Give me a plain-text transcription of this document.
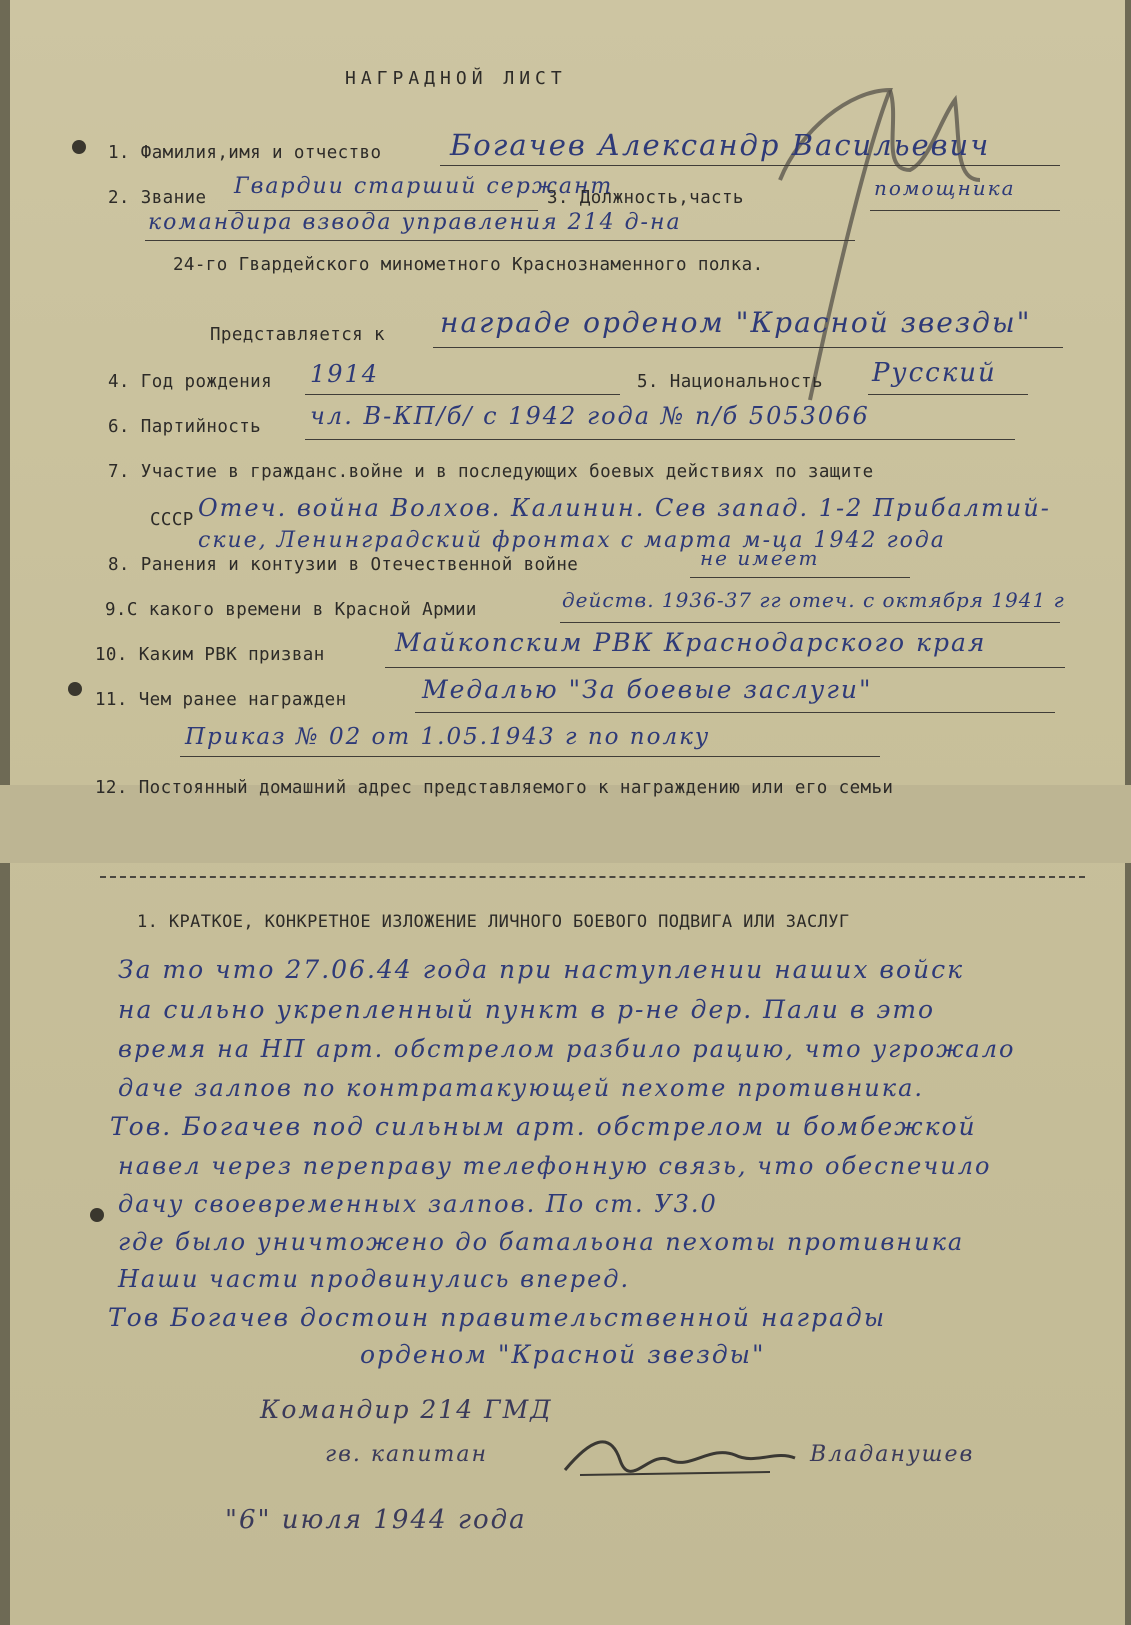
НАГРАДНОЙ ЛИСТ
1. Фамилия,имя и отчество Богачев Александр Васильевич
2. Звание Гвардии старший сержант
3. Должность,часть	помощника
командира взвода управления 214 д-на
24-го Гвардейского минометного Краснознаменного полка.
Представляется к награде орденом "Красной звезды"
4. Год рождения 1914	5. Национальность Русский
6. Партийность чл. В-КП/б/ с 1942 года № п/б 5053066
7. Участие в гражданс.войне и в последующих боевых действиях по защите
СССР Отеч. война Волхов. Калинин. Сев запад. 1-2 Прибалтий-
ские, Ленинградский фронтах с марта м-ца 1942 года
8. Ранения и контузии в Отечественной войне	не имеет
9.С какого времени в Красной Армии	действ. 1936-37 гг отеч. с октября 1941 г
10. Каким РВК призван	Майкопским РВК Краснодарского края
11. Чем ранее награжден	Медалью "За боевые заслуги"
Приказ № 02 от 1.05.1943 г по полку
12. Постоянный домашний адрес представляемого к награждению или его семьи
1. КРАТКОЕ, КОНКРЕТНОЕ ИЗЛОЖЕНИЕ ЛИЧНОГО БОЕВОГО ПОДВИГА ИЛИ ЗАСЛУГ
За то что 27.06.44 года при наступлении наших войск
на сильно укрепленный пункт в р-не дер. Пали в это
время на НП арт. обстрелом разбило рацию, что угрожало
даче залпов по контратакующей пехоте противника.
Тов. Богачев под сильным арт. обстрелом и бомбежкой
навел через переправу телефонную связь, что обеспечило
дачу своевременных залпов. По ст. У3.0
где было уничтожено до батальона пехоты противника
Наши части продвинулись вперед.
Тов Богачев достоин правительственной награды
орденом "Красной звезды"
Командир 214 ГМД
гв. капитан	Владанушев
"6" июля 1944 года
